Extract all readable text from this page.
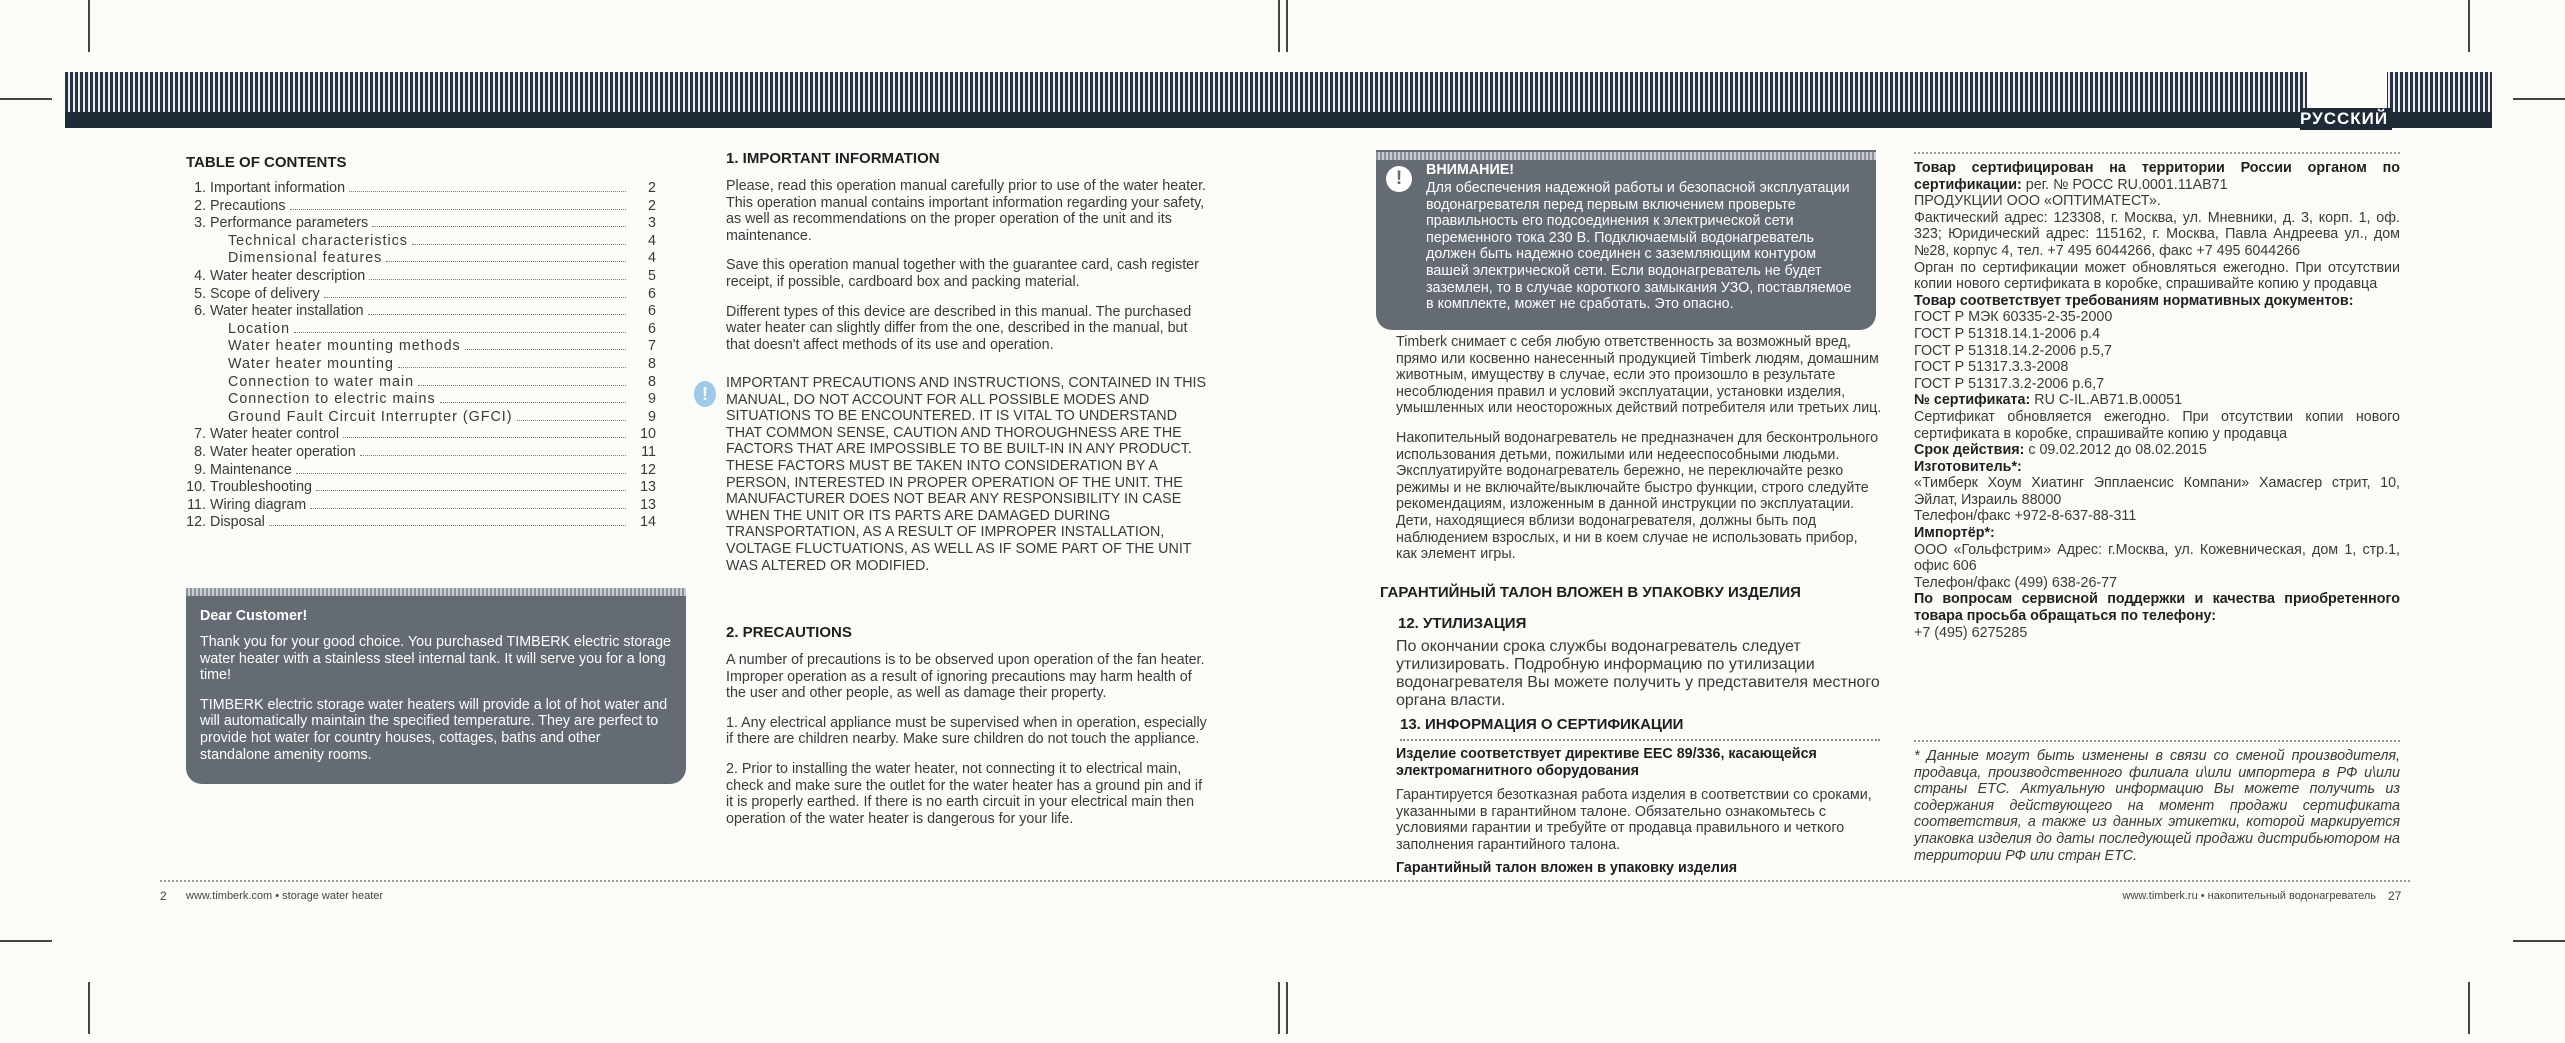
РУССКИЙ
TABLE OF CONTENTS
1. Important information	2
2. Precautions	2
3. Performance parameters	3
Technical characteristics	4
Dimensional features	4
4. Water heater description	5
5. Scope of delivery	6
6. Water heater installation	6
Location	6
Water heater mounting methods	7
Water heater mounting	8
Connection to water main	8
Connection to electric mains	9
Ground Fault Circuit Interrupter (GFCI)	9
7. Water heater control	10
8. Water heater operation	11
9. Maintenance	12
10. Troubleshooting	13
11. Wiring diagram	13
12. Disposal	14
Dear Customer!

Thank you for your good choice. You purchased TIMBERK electric storage water heater with a stainless steel internal tank. It will serve you for a long time!

TIMBERK electric storage water heaters will provide a lot of hot water and will automatically maintain the specified temperature. They are perfect to provide hot water for country houses, cottages, baths and other standalone amenity rooms.

1. IMPORTANT INFORMATION

Please, read this operation manual carefully prior to use of the water heater. This operation manual contains important information regarding your safety, as well as recommendations on the proper operation of the unit and its maintenance.

Save this operation manual together with the guarantee card, cash register receipt, if possible, cardboard box and packing material.

Different types of this device are described in this manual. The purchased water heater can slightly differ from the one, described in the manual, but that doesn't affect methods of its use and operation.

!
IMPORTANT PRECAUTIONS AND INSTRUCTIONS, CONTAINED IN THIS MANUAL, DO NOT ACCOUNT FOR ALL POSSIBLE MODES AND SITUATIONS TO BE ENCOUNTERED. IT IS VITAL TO UNDERSTAND THAT COMMON SENSE, CAUTION AND THOROUGHNESS ARE THE FACTORS THAT ARE IMPOSSIBLE TO BE BUILT-IN IN ANY PRODUCT. THESE FACTORS MUST BE TAKEN INTO CONSIDERATION BY A PERSON, INTERESTED IN PROPER OPERATION OF THE UNIT. THE MANUFACTURER DOES NOT BEAR ANY RESPONSIBILITY IN CASE WHEN THE UNIT OR ITS PARTS ARE DAMAGED DURING TRANSPORTATION, AS A RESULT OF IMPROPER INSTALLATION, VOLTAGE FLUCTUATIONS, AS WELL AS IF SOME PART OF THE UNIT WAS ALTERED OR MODIFIED.
2. PRECAUTIONS

A number of precautions is to be observed upon operation of the fan heater. Improper operation as a result of ignoring precautions may harm health of the user and other people, as well as damage their property.

1. Any electrical appliance must be supervised when in operation, especially if there are children nearby. Make sure children do not touch the appliance.

2. Prior to installing the water heater, not connecting it to electrical main, check and make sure the outlet for the water heater has a ground pin and if it is properly earthed. If there is no earth circuit in your electrical main then operation of the water heater is dangerous for your life.

ВНИМАНИЕ!
Для обеспечения надежной работы и безопасной эксплуатации водонагревателя перед первым включением проверьте правильность его подсоединения к электрической сети переменного тока 230 В. Подключаемый водонагреватель должен быть надежно соединен с заземляющим контуром вашей электрической сети. Если водонагреватель не будет заземлен, то в случае короткого замыкания УЗО, поставляемое в комплекте, может не сработать. Это опасно.
!

Timberk снимает с себя любую ответственность за возможный вред, прямо или косвенно нанесенный продукцией Timberk людям, домашним животным, имуществу в случае, если это произошло в результате несоблюдения правил и условий эксплуатации, установки изделия, умышленных или неосторожных действий потребителя или третьих лиц.

Накопительный водонагреватель не предназначен для бесконтрольного использования детьми, пожилыми или недееспособными людьми. Эксплуатируйте водонагреватель бережно, не переключайте резко режимы и не включайте/выключайте быстро функции, строго следуйте рекомендациям, изложенным в данной инструкции по эксплуатации. Дети, находящиеся вблизи водонагревателя, должны быть под наблюдением взрослых, и ни в коем случае не использовать прибор, как элемент игры.

ГАРАНТИЙНЫЙ ТАЛОН ВЛОЖЕН В УПАКОВКУ ИЗДЕЛИЯ
12. УТИЛИЗАЦИЯ
По окончании срока службы водонагреватель следует утилизировать. Подробную информацию по утилизации водонагревателя Вы можете получить у представителя местного органа власти.
13. ИНФОРМАЦИЯ О СЕРТИФИКАЦИИ

Изделие соответствует директиве ЕЕС 89/336, касающейся электромагнитного оборудования

Гарантируется безотказная работа изделия в соответствии со сроками, указанными в гарантийном талоне. Обязательно ознакомьтесь с условиями гарантии и требуйте от продавца правильного и четкого заполнения гарантийного талона.

Гарантийный талон вложен в упаковку изделия

Товар сертифицирован на территории России органом по сертификации: рег. № РОСС RU.0001.11АВ71
ПРОДУКЦИИ ООО «ОПТИМАТЕСТ».
Фактический адрес: 123308, г. Москва, ул. Мневники, д. 3, корп. 1, оф. 323; Юридический адрес: 115162, г. Москва, Павла Андреева ул., дом №28, корпус 4, тел. +7 495 6044266, факс +7 495 6044266
Орган по сертификации может обновляться ежегодно. При отсутствии копии нового сертификата в коробке, спрашивайте копию у продавца
Товар соответствует требованиям нормативных документов:
ГОСТ Р МЭК 60335-2-35-2000
ГОСТ Р 51318.14.1-2006 р.4
ГОСТ Р 51318.14.2-2006 р.5,7
ГОСТ Р 51317.3.3-2008
ГОСТ Р 51317.3.2-2006 р.6,7
№ сертификата: RU C-IL.AB71.B.00051
Сертификат обновляется ежегодно. При отсутствии копии нового сертификата в коробке, спрашивайте копию у продавца
Срок действия: с 09.02.2012 до 08.02.2015
Изготовитель*:
«Тимберк Хоум Хиатинг Эпплаенсис Компани» Хамасгер стрит, 10, Эйлат, Израиль 88000
Телефон/факс +972-8-637-88-311
Импортёр*:
ООО «Гольфстрим» Адрес: г.Москва, ул. Кожевническая, дом 1, стр.1, офис 606
Телефон/факс (499) 638-26-77
По вопросам сервисной поддержки и качества приобретенного товара просьба обращаться по телефону:
+7 (495) 6275285
* Данные могут быть изменены в связи со сменой производителя, продавца, производственного филиала и\или импортера в РФ и\или страны ETC. Актуальную информацию Вы можете получить из содержания действующего на момент продажи сертификата соответствия, а также из данных этикетки, которой маркируется упаковка изделия до даты последующей продажи дистрибьютором на территории РФ или стран ETC.
2 www.timberk.com • storage water heater	www.timberk.ru • накопительный водонагреватель 27
